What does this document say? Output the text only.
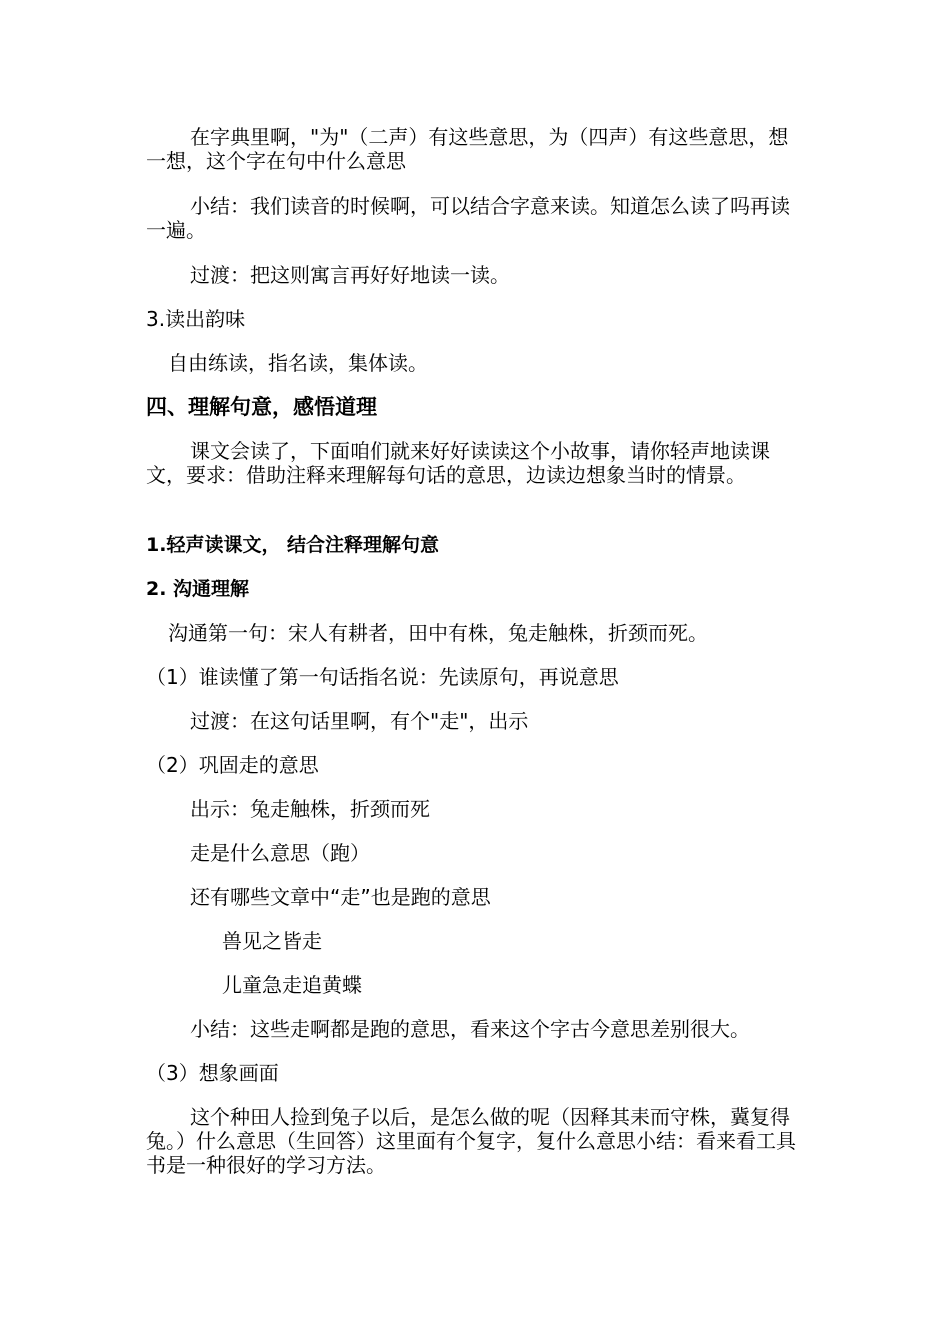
在字典里啊，"为"（二声）有这些意思，为（四声）有这些意思，想一想，这个字在句中什么意思
小结：我们读音的时候啊，可以结合字意来读。知道怎么读了吗再读一遍。
过渡：把这则寓言再好好地读一读。
3.读出韵味
自由练读，指名读，集体读。
四、理解句意，感悟道理
课文会读了，下面咱们就来好好读读这个小故事，请你轻声地读课文，要求：借助注释来理解每句话的意思，边读边想象当时的情景。
1.轻声读课文， 结合注释理解句意
2. 沟通理解
沟通第一句：宋人有耕者，田中有株，兔走触株，折颈而死。
（1）谁读懂了第一句话指名说：先读原句，再说意思
过渡：在这句话里啊，有个"走"，出示
（2）巩固走的意思
出示：兔走触株，折颈而死
走是什么意思（跑）
还有哪些文章中“走”也是跑的意思
兽见之皆走
儿童急走追黄蝶
小结：这些走啊都是跑的意思，看来这个字古今意思差别很大。
（3）想象画面
这个种田人捡到兔子以后，是怎么做的呢（因释其耒而守株，冀复得兔。）什么意思（生回答）这里面有个复字，复什么意思小结：看来看工具书是一种很好的学习方法。
